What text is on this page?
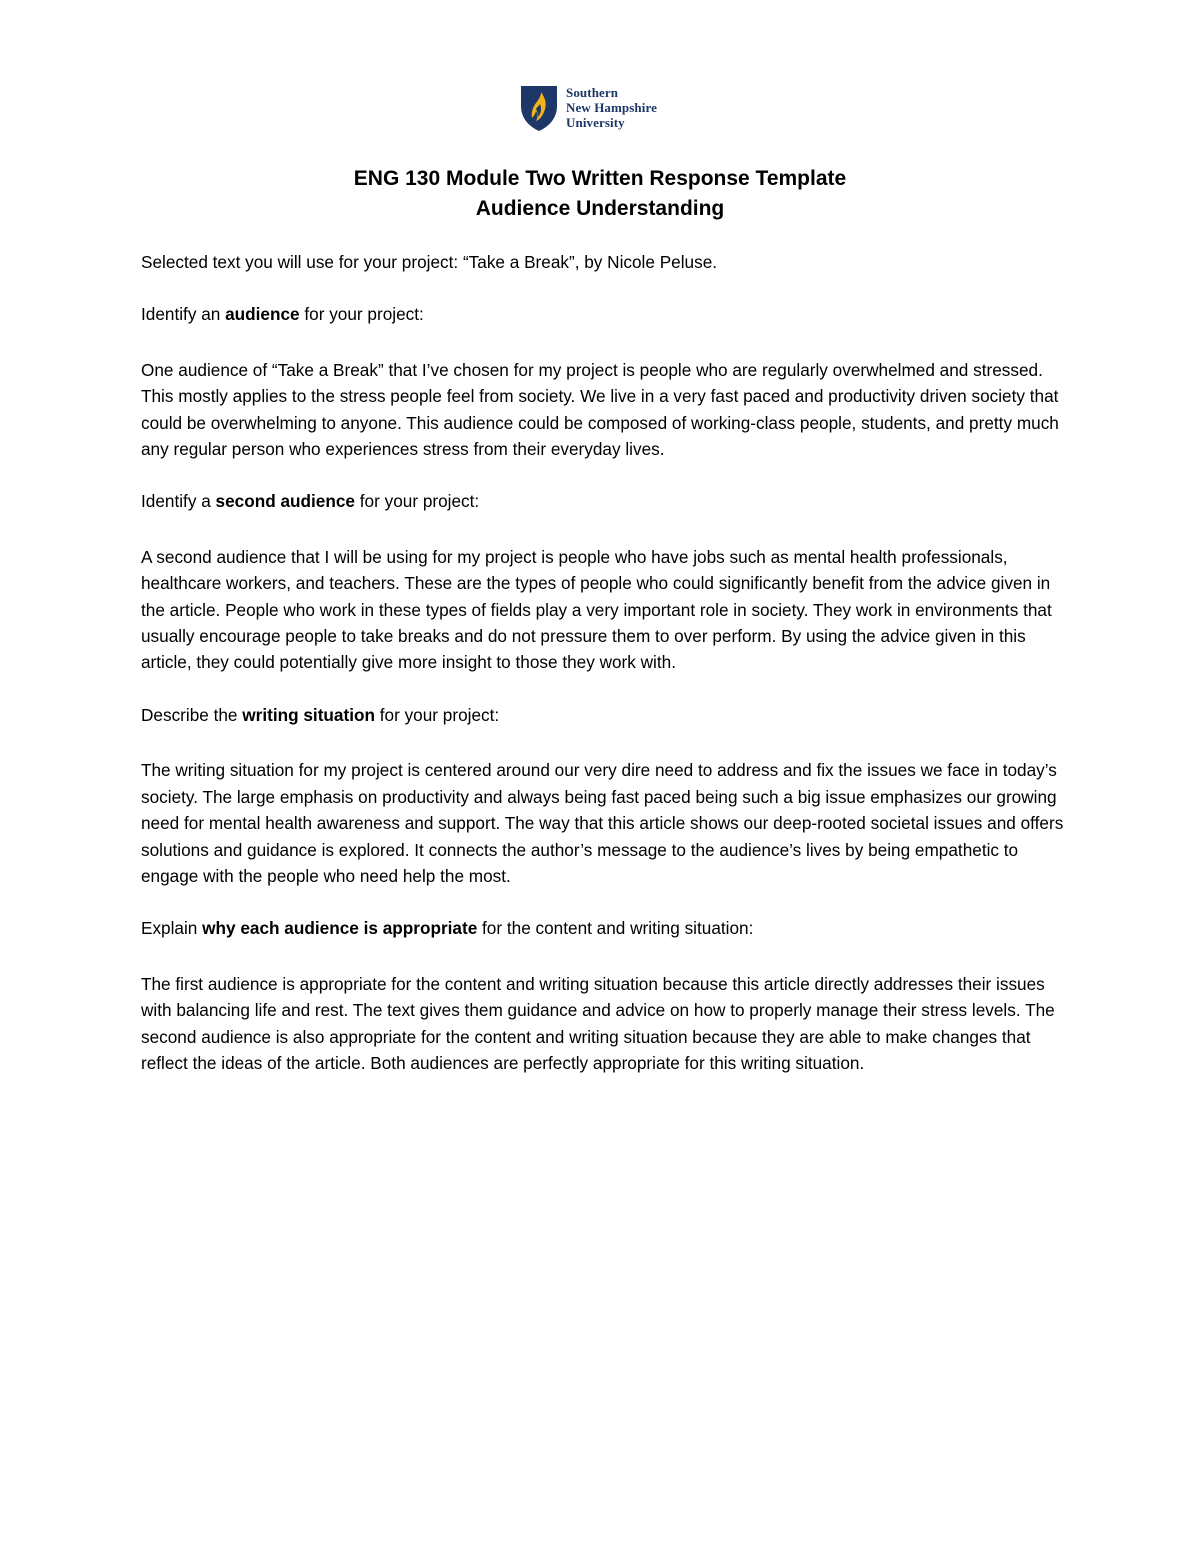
Southern
New Hampshire
University
ENG 130 Module Two Written Response Template
Audience Understanding

Selected text you will use for your project: “Take a Break”, by Nicole Peluse.

Identify an audience for your project:

One audience of “Take a Break” that I’ve chosen for my project is people who are regularly overwhelmed and stressed. This mostly applies to the stress people feel from society. We live in a very fast paced and productivity driven society that could be overwhelming to anyone. This audience could be composed of working-class people, students, and pretty much any regular person who experiences stress from their everyday lives.

Identify a second audience for your project:

A second audience that I will be using for my project is people who have jobs such as mental health professionals, healthcare workers, and teachers. These are the types of people who could significantly benefit from the advice given in the article. People who work in these types of fields play a very important role in society. They work in environments that usually encourage people to take breaks and do not pressure them to over perform. By using the advice given in this article, they could potentially give more insight to those they work with.

Describe the writing situation for your project:

The writing situation for my project is centered around our very dire need to address and fix the issues we face in today’s society. The large emphasis on productivity and always being fast paced being such a big issue emphasizes our growing need for mental health awareness and support. The way that this article shows our deep-rooted societal issues and offers solutions and guidance is explored. It connects the author’s message to the audience’s lives by being empathetic to engage with the people who need help the most.

Explain why each audience is appropriate for the content and writing situation:

The first audience is appropriate for the content and writing situation because this article directly addresses their issues with balancing life and rest. The text gives them guidance and advice on how to properly manage their stress levels. The second audience is also appropriate for the content and writing situation because they are able to make changes that reflect the ideas of the article. Both audiences are perfectly appropriate for this writing situation.
